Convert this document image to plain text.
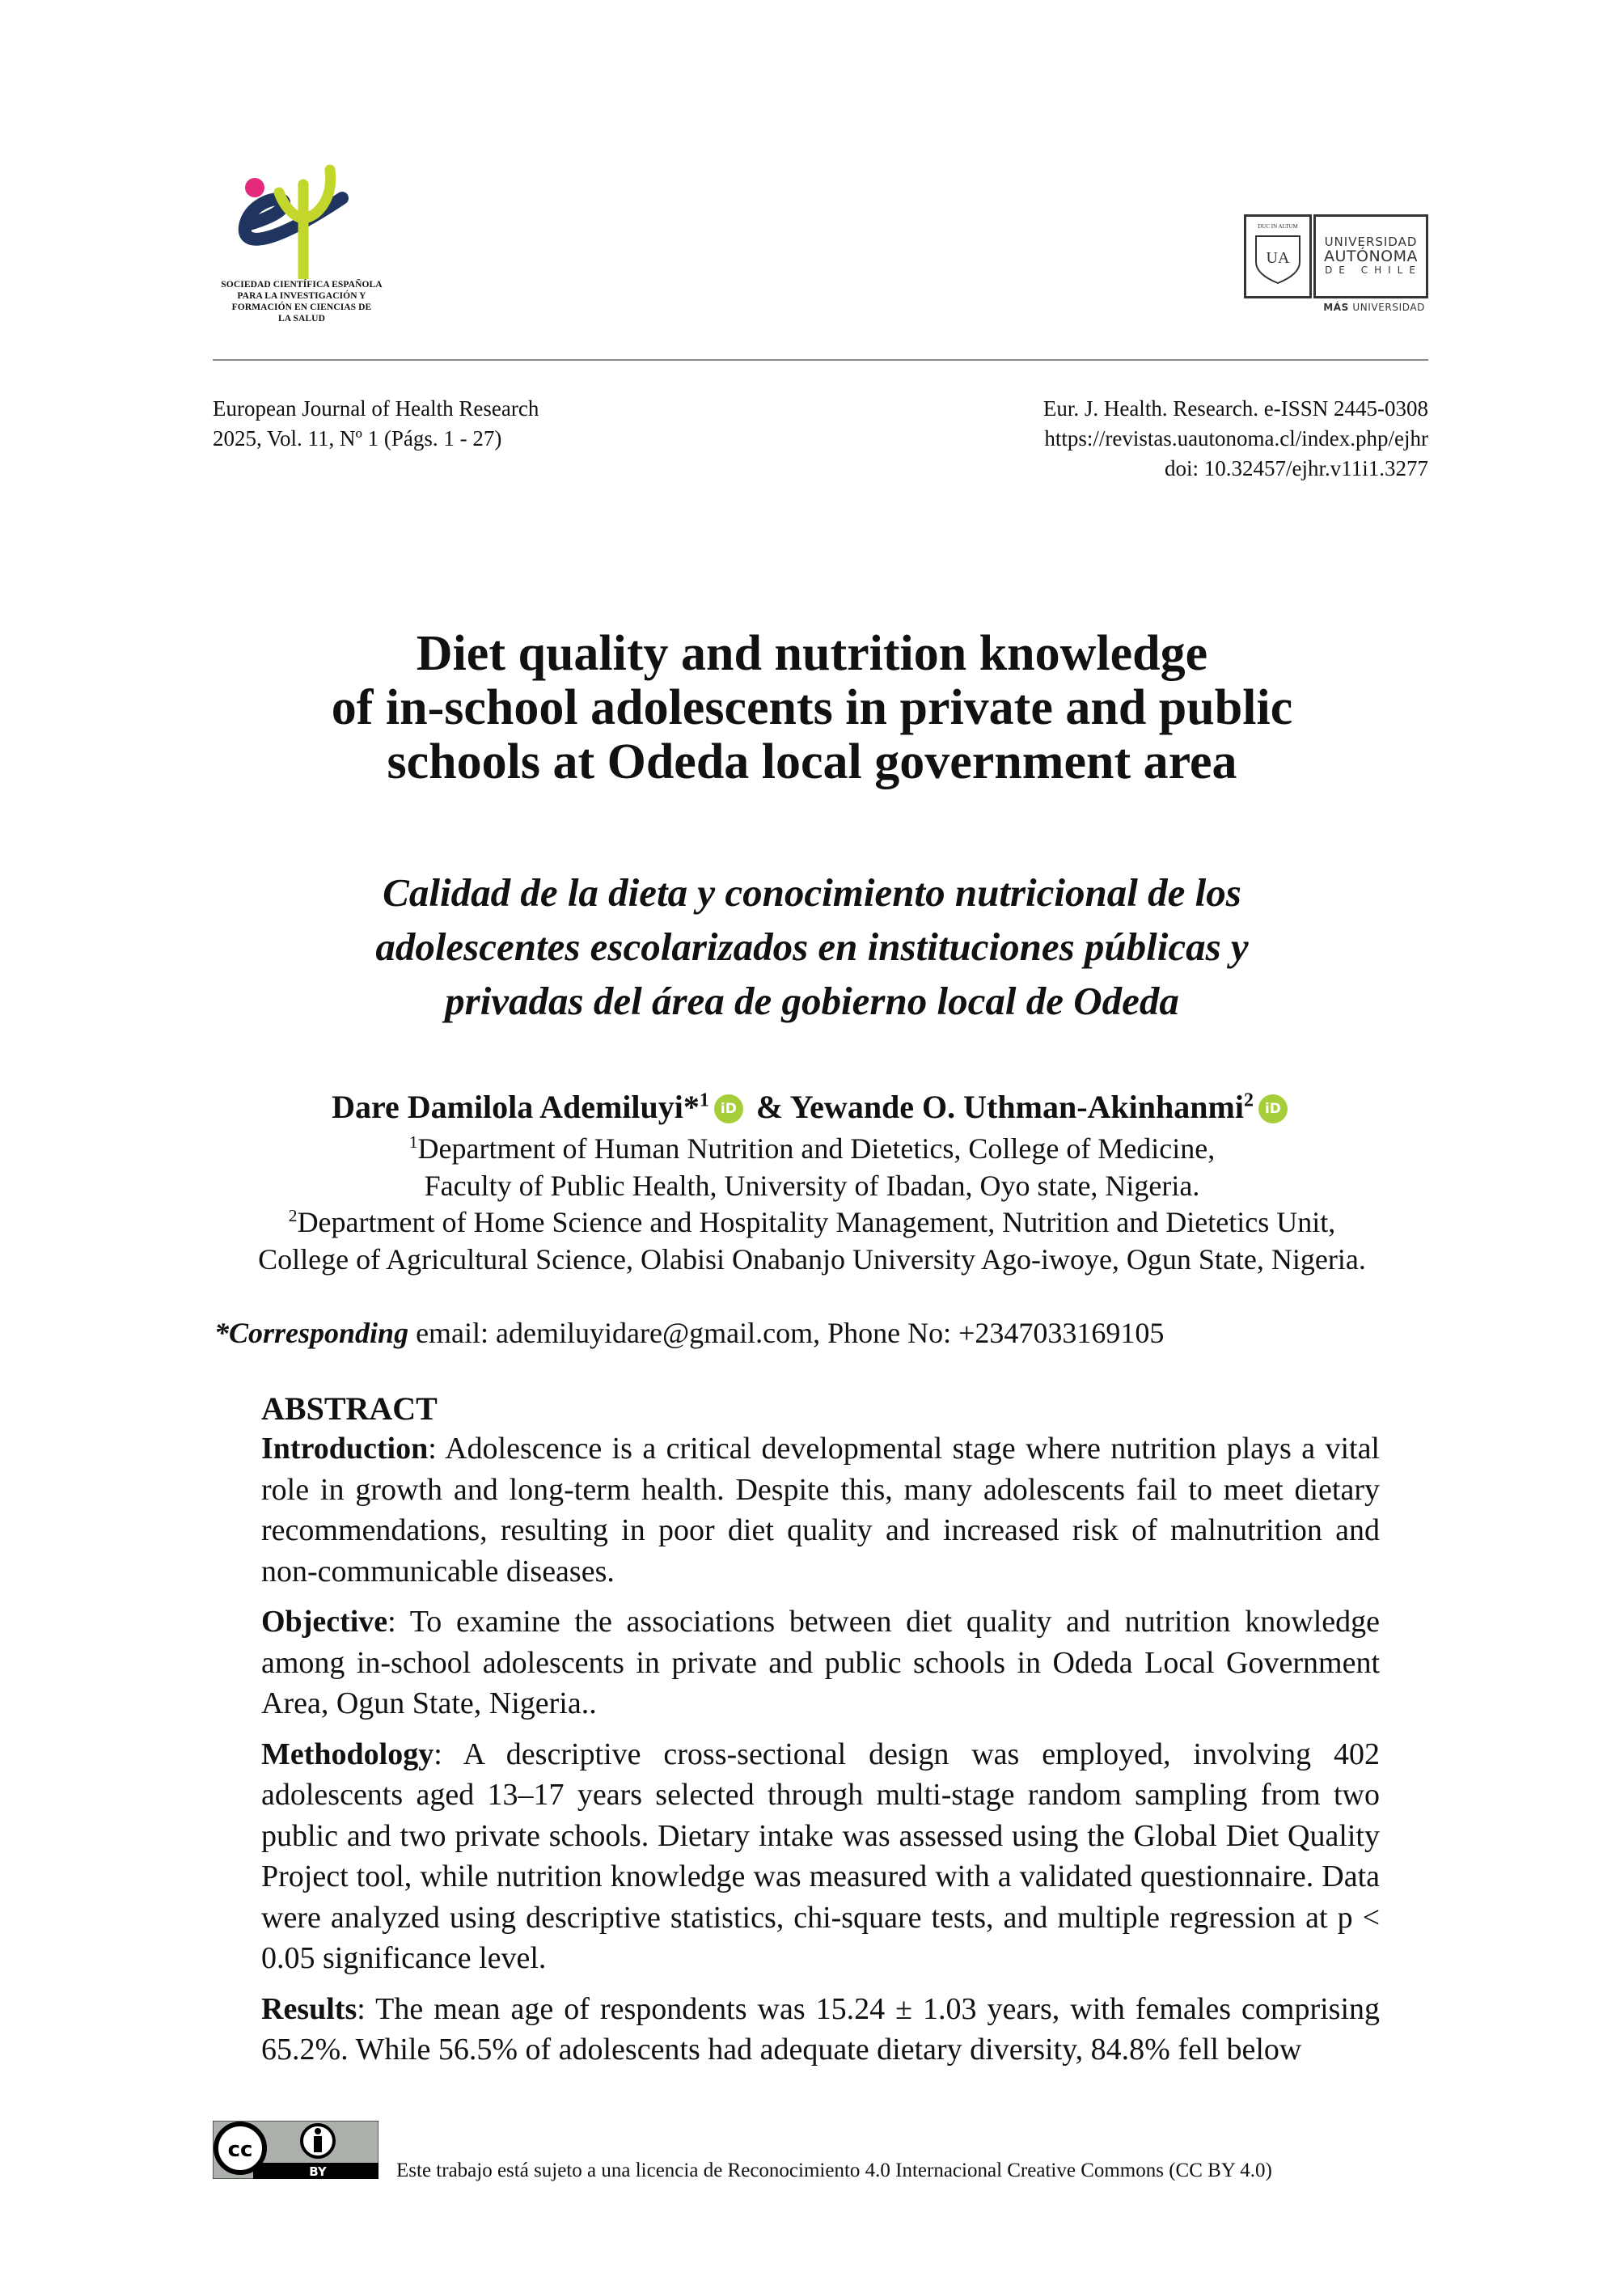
SOCIEDAD CIENTÍFICA ESPAÑOLA
PARA LA INVESTIGACIÓN Y
FORMACIÓN EN CIENCIAS DE
LA SALUD
DUC IN ALTUM
UA
UNIVERSIDAD
AUTÓNOMA
DE CHILE
MÁS UNIVERSIDAD
European Journal of Health Research
2025, Vol. 11, Nº 1 (Págs. 1 - 27)
Eur. J. Health. Research. e-ISSN 2445-0308
https://revistas.uautonoma.cl/index.php/ejhr
doi: 10.32457/ejhr.v11i1.3277
Diet quality and nutrition knowledge
of in-school adolescents in private and public
schools at Odeda local government area
Calidad de la dieta y conocimiento nutricional de los
adolescentes escolarizados en instituciones públicas y
privadas del área de gobierno local de Odeda
Dare Damilola Ademiluyi*$^1$ iD & Yewande O. Uthman-Akinhanmi$^2$ iD
$^1$Department of Human Nutrition and Dietetics, College of Medicine,
Faculty of Public Health, University of Ibadan, Oyo state, Nigeria.
$^2$Department of Home Science and Hospitality Management, Nutrition and Dietetics Unit,
College of Agricultural Science, Olabisi Onabanjo University Ago-iwoye, Ogun State, Nigeria.
*Corresponding email: ademiluyidare@gmail.com, Phone No: +2347033169105
ABSTRACT

Introduction: Adolescence is a critical developmental stage where nutrition plays a vital role in growth and long-term health. Despite this, many adolescents fail to meet dietary recommendations, resulting in poor diet quality and increased risk of malnutrition and non-communicable diseases.

Objective: To examine the associations between diet quality and nutrition knowledge among in-school adolescents in private and public schools in Odeda Local Government Area, Ogun State, Nigeria..

Methodology: A descriptive cross-sectional design was employed, involving 402 adolescents aged 13–17 years selected through multi-stage random sampling from two public and two private schools. Dietary intake was assessed using the Global Diet Quality Project tool, while nutrition knowledge was measured with a validated questionnaire. Data were analyzed using descriptive statistics, chi-square tests, and multiple regression at p < 0.05 significance level.

Results: The mean age of respondents was 15.24 ± 1.03 years, with females comprising 65.2%. While 56.5% of adolescents had adequate dietary diversity, 84.8% fell below

cc
BY	Este trabajo está sujeto a una licencia de Reconocimiento 4.0 Internacional Creative Commons (CC BY 4.0)
